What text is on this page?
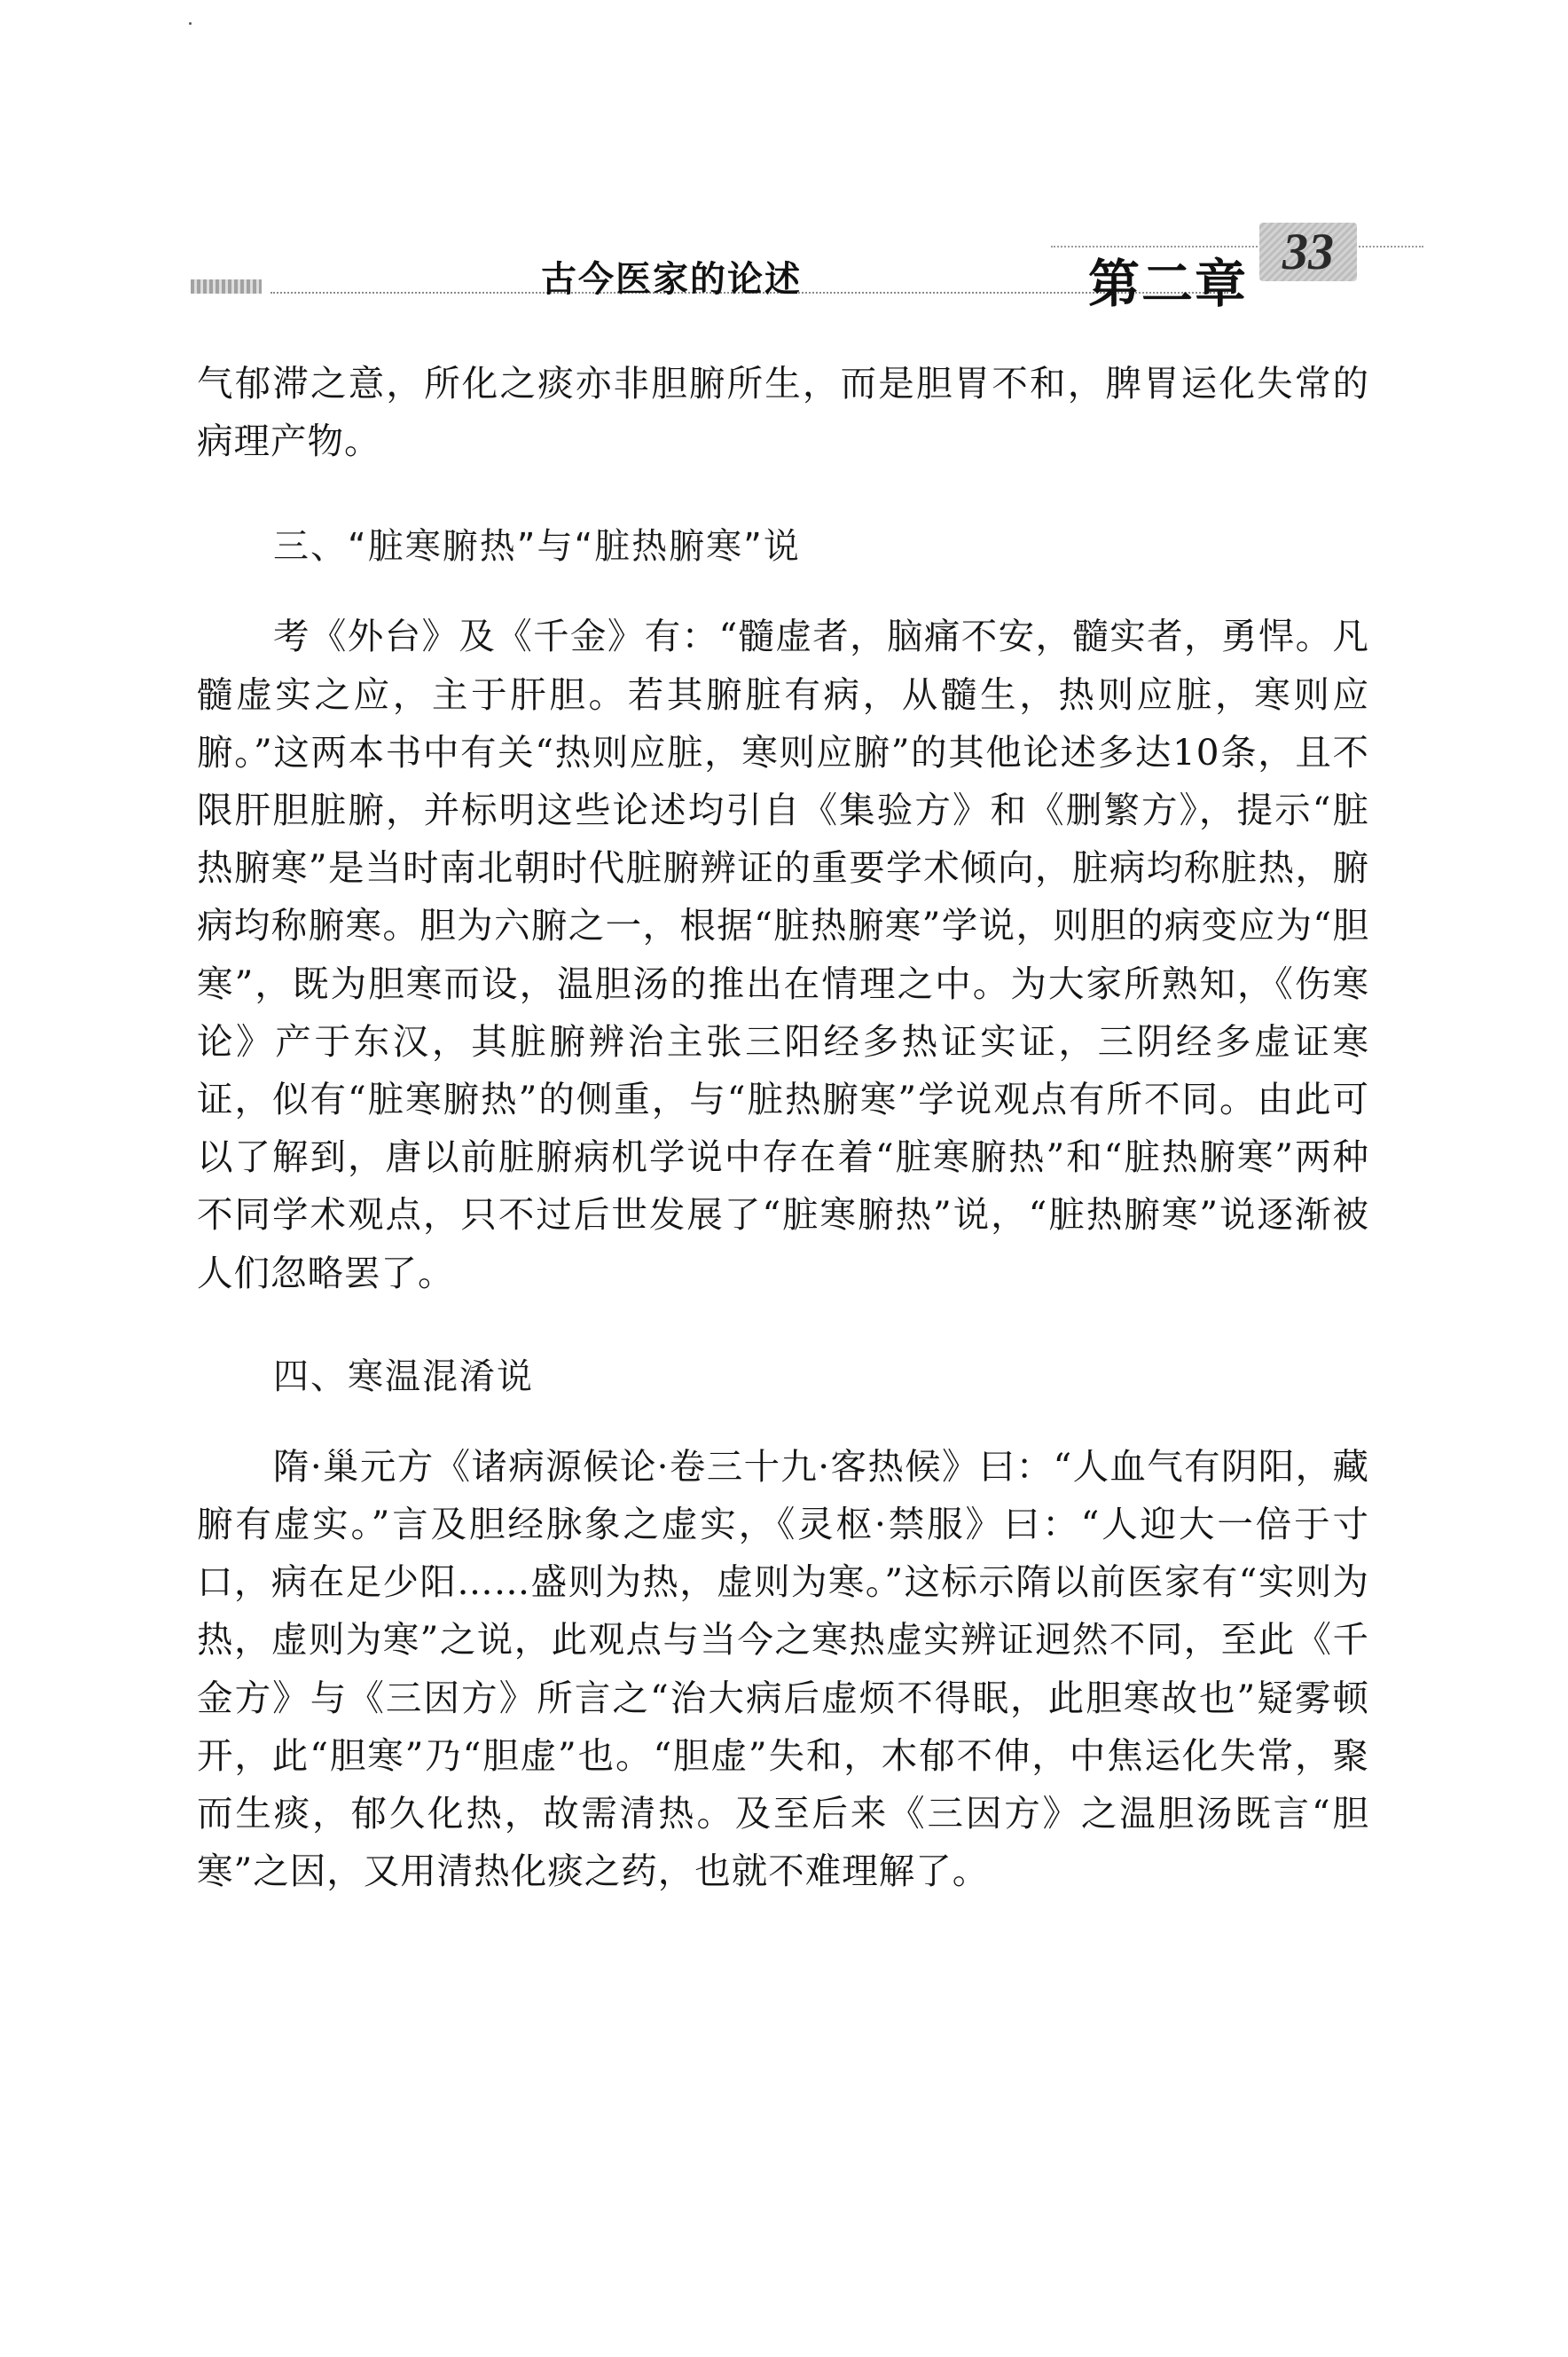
古今医家的论述	第二章
33

气郁滞之意，所化之痰亦非胆腑所生，而是胆胃不和，脾胃运化失常的病理产物。

三、“脏寒腑热”与“脏热腑寒”说

考《外台》及《千金》有：“髓虚者，脑痛不安，髓实者，勇悍。凡髓虚实之应，主于肝胆。若其腑脏有病，从髓生，热则应脏，寒则应腑。”这两本书中有关“热则应脏，寒则应腑”的其他论述多达10条，且不限肝胆脏腑，并标明这些论述均引自《集验方》和《删繁方》，提示“脏热腑寒”是当时南北朝时代脏腑辨证的重要学术倾向，脏病均称脏热，腑病均称腑寒。胆为六腑之一，根据“脏热腑寒”学说，则胆的病变应为“胆寒”，既为胆寒而设，温胆汤的推出在情理之中。为大家所熟知，《伤寒论》产于东汉，其脏腑辨治主张三阳经多热证实证，三阴经多虚证寒证，似有“脏寒腑热”的侧重，与“脏热腑寒”学说观点有所不同。由此可以了解到，唐以前脏腑病机学说中存在着“脏寒腑热”和“脏热腑寒”两种不同学术观点，只不过后世发展了“脏寒腑热”说，“脏热腑寒”说逐渐被人们忽略罢了。

四、寒温混淆说

隋·巢元方《诸病源候论·卷三十九·客热候》曰：“人血气有阴阳，藏腑有虚实。”言及胆经脉象之虚实，《灵枢·禁服》曰：“人迎大一倍于寸口，病在足少阳……盛则为热，虚则为寒。”这标示隋以前医家有“实则为热，虚则为寒”之说，此观点与当今之寒热虚实辨证迥然不同，至此《千金方》与《三因方》所言之“治大病后虚烦不得眠，此胆寒故也”疑雾顿开，此“胆寒”乃“胆虚”也。“胆虚”失和，木郁不伸，中焦运化失常，聚而生痰，郁久化热，故需清热。及至后来《三因方》之温胆汤既言“胆寒”之因，又用清热化痰之药，也就不难理解了。
